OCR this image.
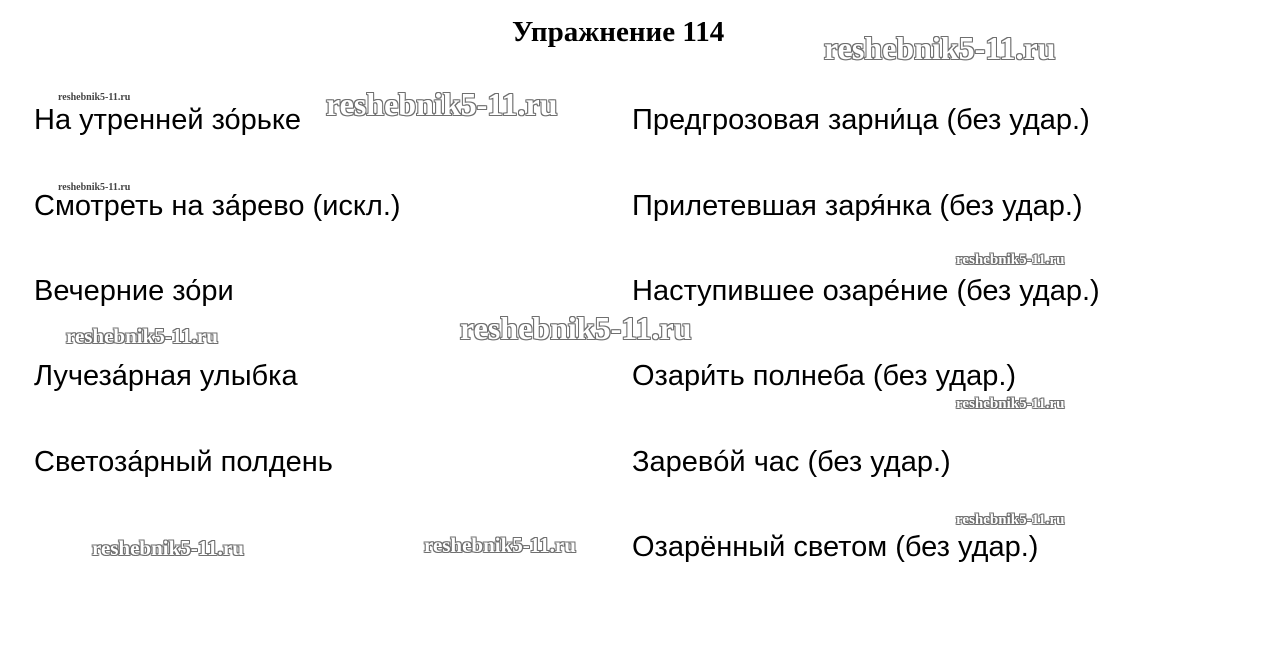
Упражнение 114
На утренней зо́рьке
Смотреть на за́рево (искл.)
Вечерние зо́ри
Лучеза́рная улыбка
Светоза́рный полдень
Предгрозовая зарни́ца (без удар.)
Прилетевшая заря́нка (без удар.)
Наступившее озаре́ние (без удар.)
Озари́ть полнеба (без удар.)
Заревóй час (без удар.)
Озарённый светом (без удар.)
reshebnik5-11.ru
reshebnik5-11.ru
reshebnik5-11.ru
reshebnik5-11.ru
reshebnik5-11.ru	reshebnik5-11.ru
reshebnik5-11.ru
reshebnik5-11.ru
reshebnik5-11.ru
reshebnik5-11.ru
reshebnik5-11.ru
